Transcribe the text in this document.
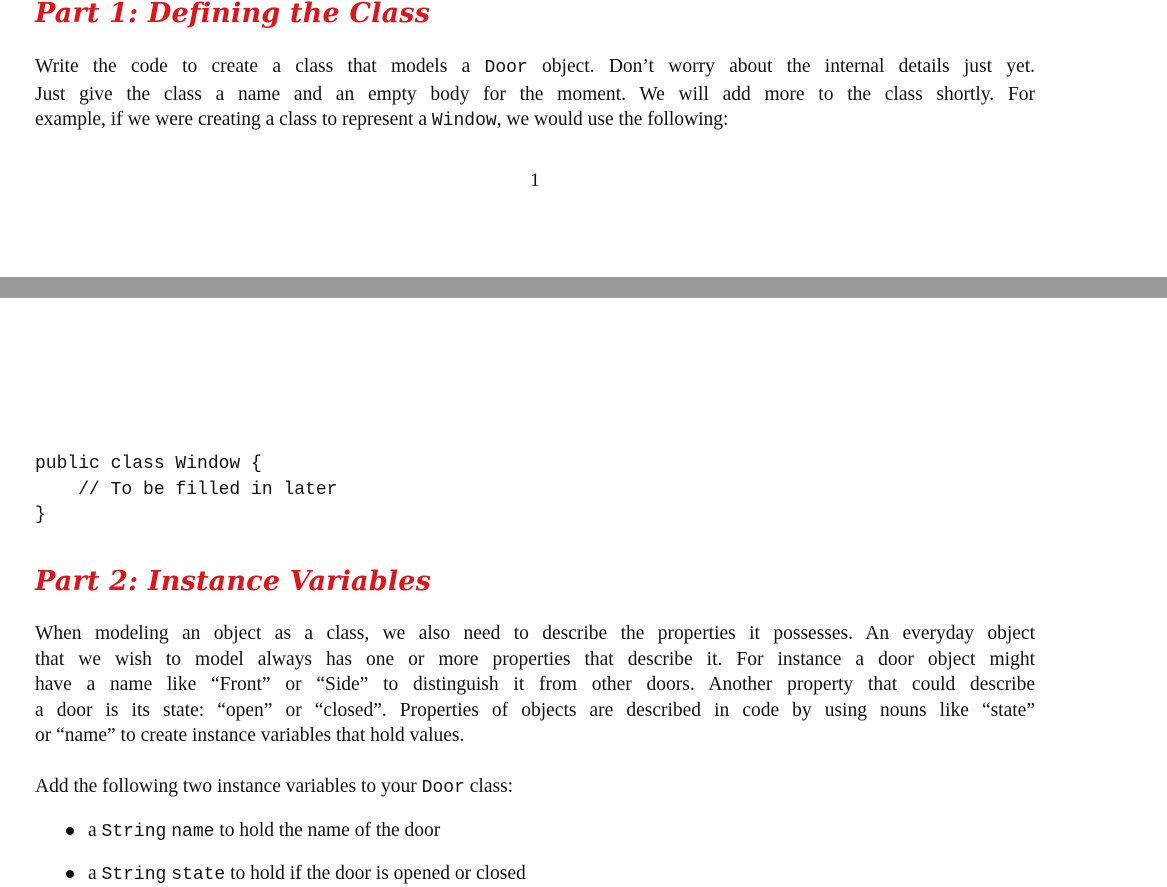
Part 1: Defining the Class
Write the code to create a class that models a Door object. Don’t worry about the internal details just yet.
Just give the class a name and an empty body for the moment. We will add more to the class shortly. For
example, if we were creating a class to represent a Window, we would use the following:
1
public class Window {
// To be filled in later
}
Part 2: Instance Variables
When modeling an object as a class, we also need to describe the properties it possesses. An everyday object
that we wish to model always has one or more properties that describe it. For instance a door object might
have a name like “Front” or “Side” to distinguish it from other doors. Another property that could describe
a door is its state: “open” or “closed”. Properties of objects are described in code by using nouns like “state”
or “name” to create instance variables that hold values.
Add the following two instance variables to your Door class:
a String name to hold the name of the door
a String state to hold if the door is opened or closed
